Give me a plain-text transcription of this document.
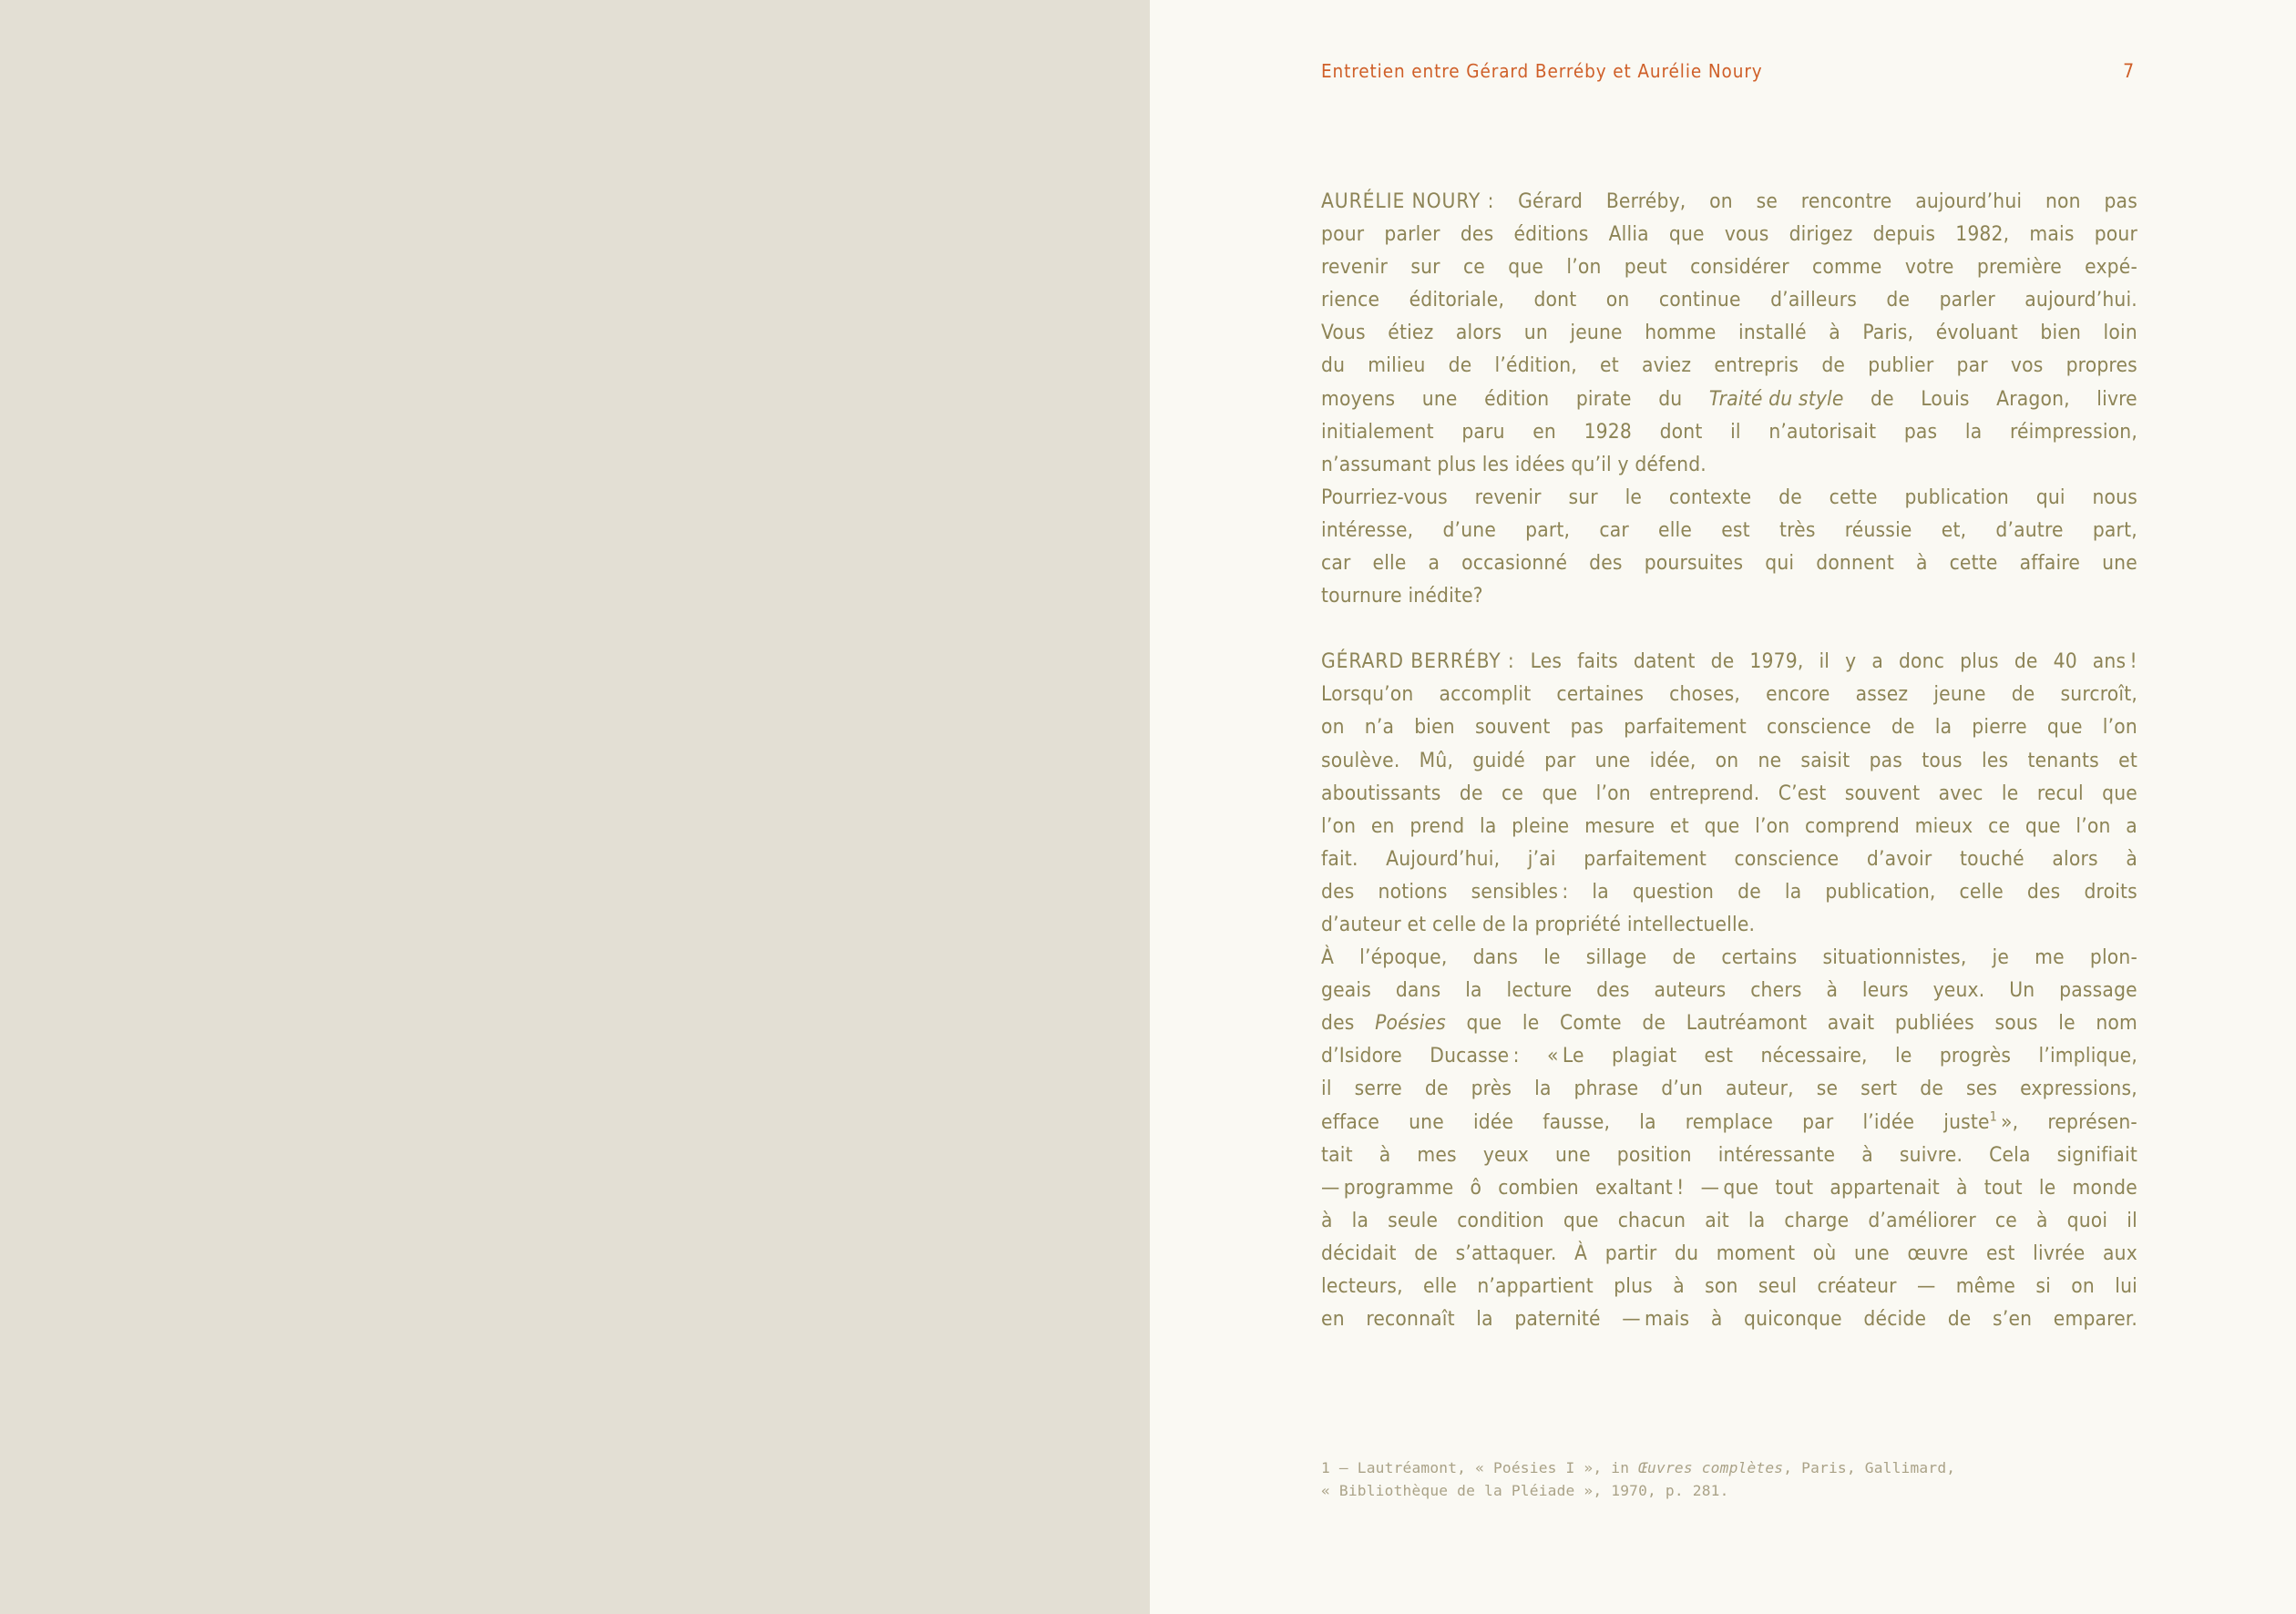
Entretien entre Gérard Berréby et Aurélie Noury	7

AURÉLIE NOURY : Gérard Berréby, on se rencontre aujourd’hui non pas
pour parler des éditions Allia que vous dirigez depuis 1982, mais pour
revenir sur ce que l’on peut considérer comme votre première expé-
rience éditoriale, dont on continue d’ailleurs de parler aujourd’hui.
Vous étiez alors un jeune homme installé à Paris, évoluant bien loin
du milieu de l’édition, et aviez entrepris de publier par vos propres
moyens une édition pirate du Traité du style de Louis Aragon, livre
initialement paru en 1928 dont il n’autorisait pas la réimpression,
n’assumant plus les idées qu’il y défend.
Pourriez-vous revenir sur le contexte de cette publication qui nous
intéresse, d’une part, car elle est très réussie et, d’autre part,
car elle a occasionné des poursuites qui donnent à cette affaire une
tournure inédite?

GÉRARD BERRÉBY : Les faits datent de 1979, il y a donc plus de 40 ans !
Lorsqu’on accomplit certaines choses, encore assez jeune de surcroît,
on n’a bien souvent pas parfaitement conscience de la pierre que l’on
soulève. Mû, guidé par une idée, on ne saisit pas tous les tenants et
aboutissants de ce que l’on entreprend. C’est souvent avec le recul que
l’on en prend la pleine mesure et que l’on comprend mieux ce que l’on a
fait. Aujourd’hui, j’ai parfaitement conscience d’avoir touché alors à
des notions sensibles : la question de la publication, celle des droits
d’auteur et celle de la propriété intellectuelle.
À l’époque, dans le sillage de certains situationnistes, je me plon-
geais dans la lecture des auteurs chers à leurs yeux. Un passage
des Poésies que le Comte de Lautréamont avait publiées sous le nom
d’Isidore Ducasse : « Le plagiat est nécessaire, le progrès l’implique,
il serre de près la phrase d’un auteur, se sert de ses expressions,
efface une idée fausse, la remplace par l’idée juste$^1$ », représen-
tait à mes yeux une position intéressante à suivre. Cela signifiait
— programme ô combien exaltant ! — que tout appartenait à tout le monde
à la seule condition que chacun ait la charge d’améliorer ce à quoi il
décidait de s’attaquer. À partir du moment où une œuvre est livrée aux
lecteurs, elle n’appartient plus à son seul créateur — même si on lui
en reconnaît la paternité — mais à quiconque décide de s’en emparer.

1 — Lautréamont, « Poésies I », in Œuvres complètes, Paris, Gallimard,
« Bibliothèque de la Pléiade », 1970, p. 281.
